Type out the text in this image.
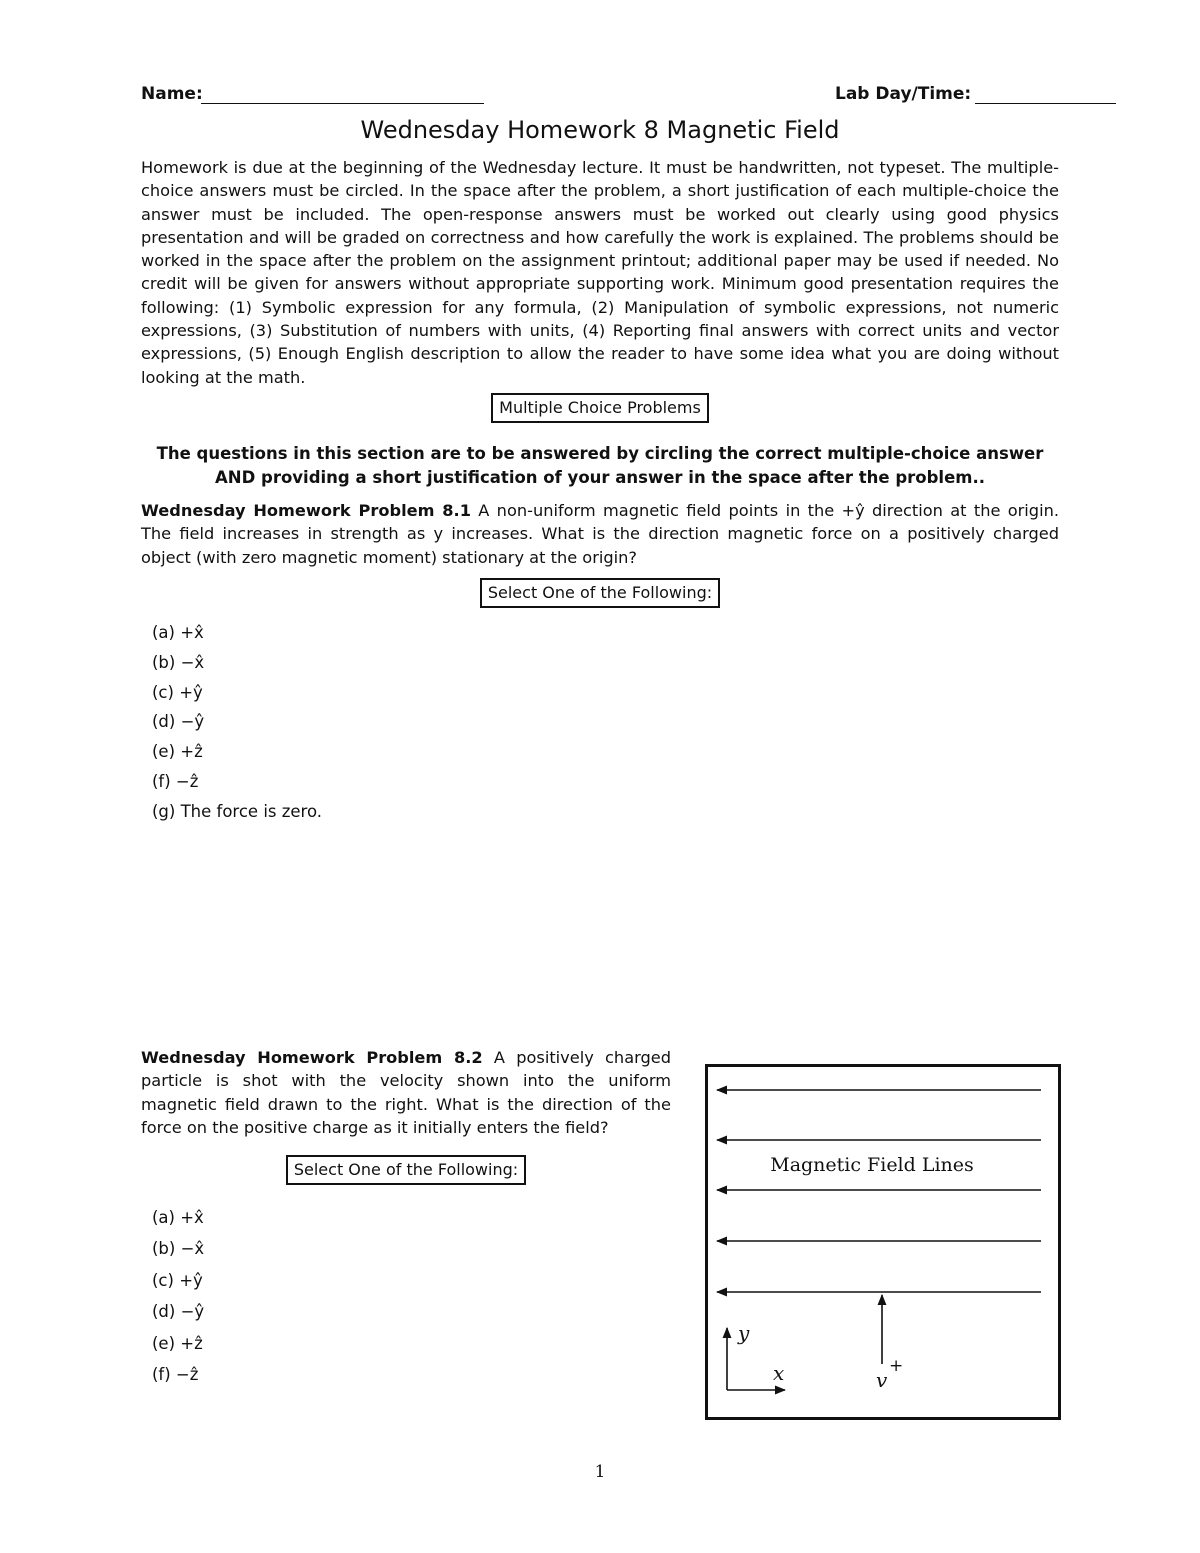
Name:	Lab Day/Time:
Wednesday Homework 8 Magnetic Field
Homework is due at the beginning of the Wednesday lecture. It must be handwritten, not typeset. The multiple-choice answers must be circled. In the space after the problem, a short justification of each multiple-choice the answer must be included. The open-response answers must be worked out clearly using good physics presentation and will be graded on correctness and how carefully the work is explained. The problems should be worked in the space after the problem on the assignment printout; additional paper may be used if needed. No credit will be given for answers without appropriate supporting work. Minimum good presentation requires the following: (1) Symbolic expression for any formula, (2) Manipulation of symbolic expressions, not numeric expressions, (3) Substitution of numbers with units, (4) Reporting final answers with correct units and vector expressions, (5) Enough English description to allow the reader to have some idea what you are doing without looking at the math.
Multiple Choice Problems
The questions in this section are to be answered by circling the correct multiple-choice answer AND providing a short justification of your answer in the space after the problem..
Wednesday Homework Problem 8.1 A non-uniform magnetic field points in the +ŷ direction at the origin. The field increases in strength as y increases. What is the direction magnetic force on a positively charged object (with zero magnetic moment) stationary at the origin?
Select One of the Following:
(a) +x̂
(b) −x̂
(c) +ŷ
(d) −ŷ
(e) +ẑ
(f) −ẑ
(g) The force is zero.
Wednesday Homework Problem 8.2 A positively charged particle is shot with the velocity shown into the uniform magnetic field drawn to the right. What is the direction of the force on the positive charge as it initially enters the field?
Select One of the Following:
(a) +x̂
(b) −x̂
(c) +ŷ
(d) −ŷ
(e) +ẑ
(f) −ẑ
Magnetic Field Lines
+
v
y
x
1
